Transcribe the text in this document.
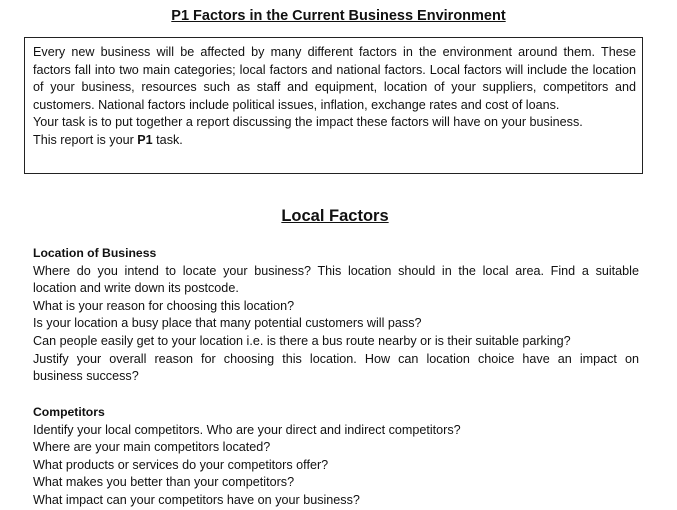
P1 Factors in the Current Business Environment

Every new business will be affected by many different factors in the environment around them. These factors fall into two main categories; local factors and national factors. Local factors will include the location of your business, resources such as staff and equipment, location of your suppliers, competitors and customers. National factors include political issues, inflation, exchange rates and cost of loans.

Your task is to put together a report discussing the impact these factors will have on your business.

This report is your P1 task.

Local Factors
Location of Business
Where do you intend to locate your business? This location should in the local area. Find a suitable
location and write down its postcode.
What is your reason for choosing this location?
Is your location a busy place that many potential customers will pass?
Can people easily get to your location i.e. is there a bus route nearby or is their suitable parking?
Justify your overall reason for choosing this location. How can location choice have an impact on
business success?
Competitors
Identify your local competitors. Who are your direct and indirect competitors?
Where are your main competitors located?
What products or services do your competitors offer?
What makes you better than your competitors?
What impact can your competitors have on your business?
